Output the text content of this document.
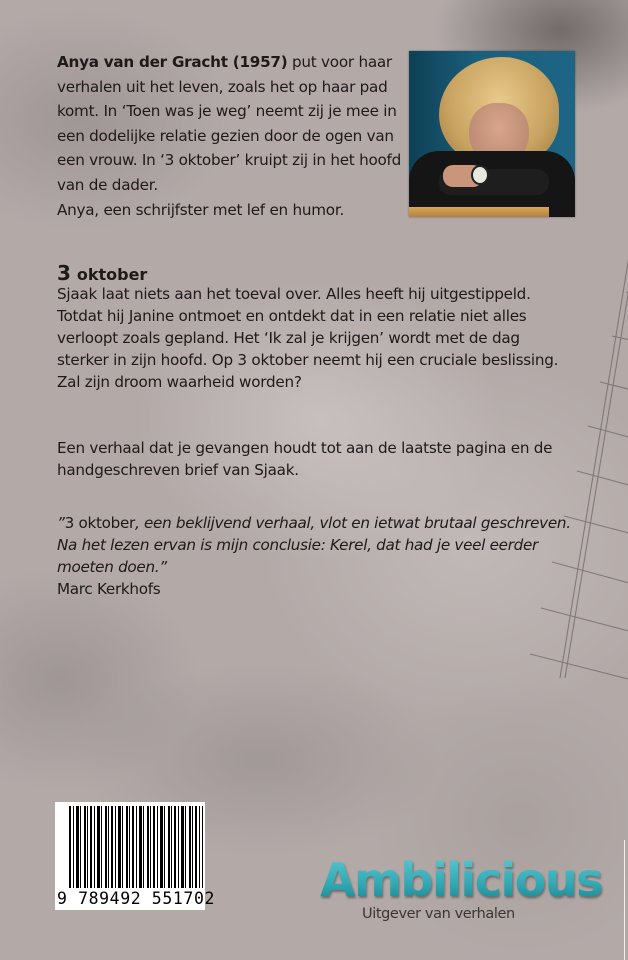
Anya van der Gracht (1957) put voor haar verhalen uit het leven, zoals het op haar pad komt. In ‘Toen was je weg’ neemt zij je mee in een dodelijke relatie gezien door de ogen van een vrouw. In ‘3 oktober’ kruipt zij in het hoofd van de dader.
Anya, een schrijfster met lef en humor.

3 oktober

Sjaak laat niets aan het toeval over. Alles heeft hij uitgestippeld. Totdat hij Janine ontmoet en ontdekt dat in een relatie niet alles verloopt zoals gepland. Het ‘Ik zal je krijgen’ wordt met de dag sterker in zijn hoofd. Op 3 oktober neemt hij een cruciale beslissing. Zal zijn droom waarheid worden?

Een verhaal dat je gevangen houdt tot aan de laatste pagina en de handgeschreven brief van Sjaak.

”3 oktober, een beklijvend verhaal, vlot en ietwat brutaal geschreven. Na het lezen ervan is mijn conclusie: Kerel, dat had je veel eerder moeten doen.”
Marc Kerkhofs

9 789492 551702 Ambilicious
Uitgever van verhalen
